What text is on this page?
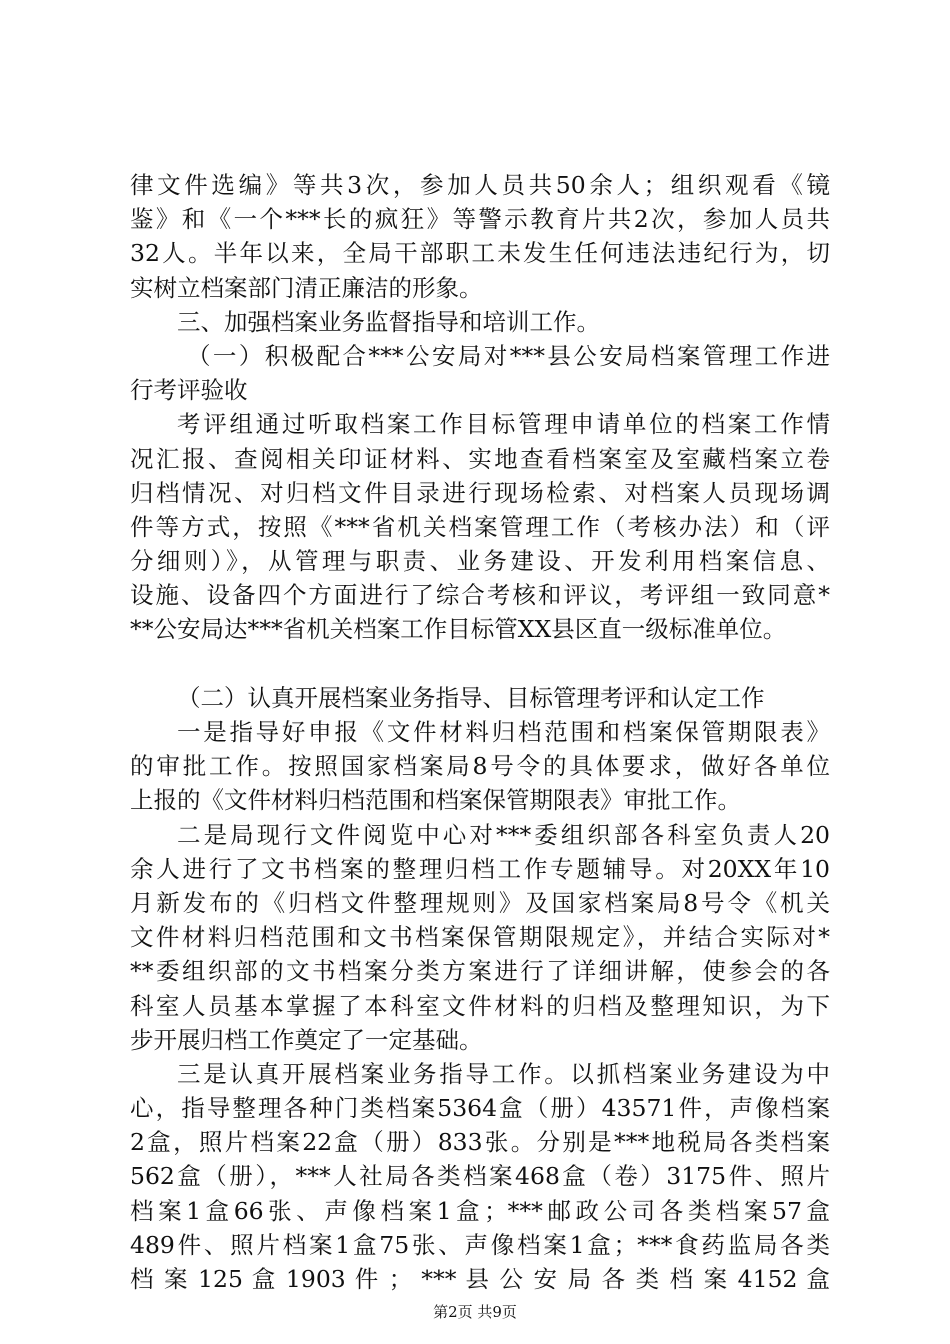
律文件选编》等共3次，参加人员共50余人；组织观看《镜
鉴》和《一个***长的疯狂》等警示教育片共2次，参加人员共
32人。半年以来，全局干部职工未发生任何违法违纪行为，切
实树立档案部门清正廉洁的形象。
三、加强档案业务监督指导和培训工作。
（一）积极配合***公安局对***县公安局档案管理工作进
行考评验收
考评组通过听取档案工作目标管理申请单位的档案工作情
况汇报、查阅相关印证材料、实地查看档案室及室藏档案立卷
归档情况、对归档文件目录进行现场检索、对档案人员现场调
件等方式，按照《***省机关档案管理工作（考核办法）和（评
分细则）》，从管理与职责、业务建设、开发利用档案信息、
设施、设备四个方面进行了综合考核和评议，考评组一致同意*
**公安局达***省机关档案工作目标管XX县区直一级标准单位。
（二）认真开展档案业务指导、目标管理考评和认定工作
一是指导好申报《文件材料归档范围和档案保管期限表》
的审批工作。按照国家档案局8号令的具体要求，做好各单位
上报的《文件材料归档范围和档案保管期限表》审批工作。
二是局现行文件阅览中心对***委组织部各科室负责人20
余人进行了文书档案的整理归档工作专题辅导。对20XX年10
月新发布的《归档文件整理规则》及国家档案局8号令《机关
文件材料归档范围和文书档案保管期限规定》，并结合实际对*
**委组织部的文书档案分类方案进行了详细讲解，使参会的各
科室人员基本掌握了本科室文件材料的归档及整理知识，为下
步开展归档工作奠定了一定基础。
三是认真开展档案业务指导工作。以抓档案业务建设为中
心，指导整理各种门类档案5364盒（册）43571件，声像档案
2盒，照片档案22盒（册）833张。分别是***地税局各类档案
562盒（册），***人社局各类档案468盒（卷）3175件、照片
档案1盒66张、声像档案1盒；***邮政公司各类档案57盒
489件、照片档案1盒75张、声像档案1盒；***食药监局各类
档 案 125 盒 1903 件 ； *** 县 公 安 局 各 类 档 案 4152 盒
第2页 共9页
